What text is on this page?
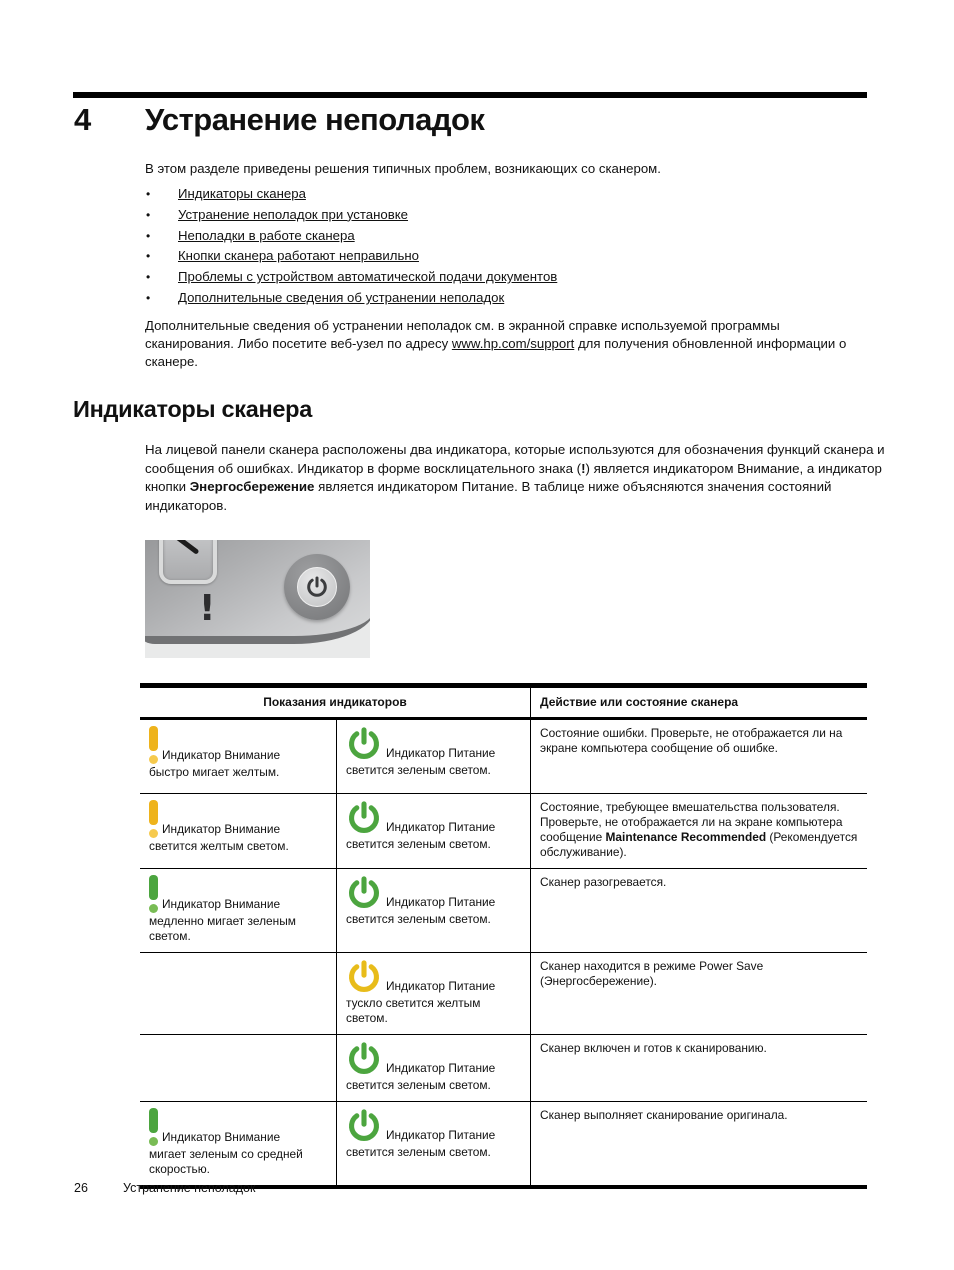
4 Устранение неполадок

В этом разделе приведены решения типичных проблем, возникающих со сканером.

• Индикаторы сканера
• Устранение неполадок при установке
• Неполадки в работе сканера
• Кнопки сканера работают неправильно
• Проблемы с устройством автоматической подачи документов
• Дополнительные сведения об устранении неполадок

Дополнительные сведения об устранении неполадок см. в экранной справке используемой программы сканирования. Либо посетите веб-узел по адресу www.hp.com/support для получения обновленной информации о сканере.

Индикаторы сканера

На лицевой панели сканера расположены два индикатора, которые используются для обозначения функций сканера и сообщения об ошибках. Индикатор в форме восклицательного знака (!) является индикатором Внимание, а индикатор кнопки Энергосбережение является индикатором Питание. В таблице ниже объясняются значения состояний индикаторов.

!
Показания индикаторов	Действие или состояние сканера
Индикатор Внимание
быстро мигает желтым.
Индикатор Питание
светится зеленым светом.
Состояние ошибки. Проверьте, не отображается ли на экране компьютера сообщение об ошибке.
Индикатор Внимание
светится желтым светом.
Индикатор Питание
светится зеленым светом.
Состояние, требующее вмешательства пользователя. Проверьте, не отображается ли на экране компьютера сообщение Maintenance Recommended (Рекомендуется обслуживание).
Индикатор Внимание
медленно мигает зеленым светом.
Индикатор Питание
светится зеленым светом.
Сканер разогревается.
Индикатор Питание
тускло светится желтым светом.
Сканер находится в режиме Power Save (Энергосбережение).
Индикатор Питание
светится зеленым светом.
Сканер включен и готов к сканированию.
Индикатор Внимание
мигает зеленым со средней скоростью.
Индикатор Питание
светится зеленым светом.
Сканер выполняет сканирование оригинала.
26	Устранение неполадок
